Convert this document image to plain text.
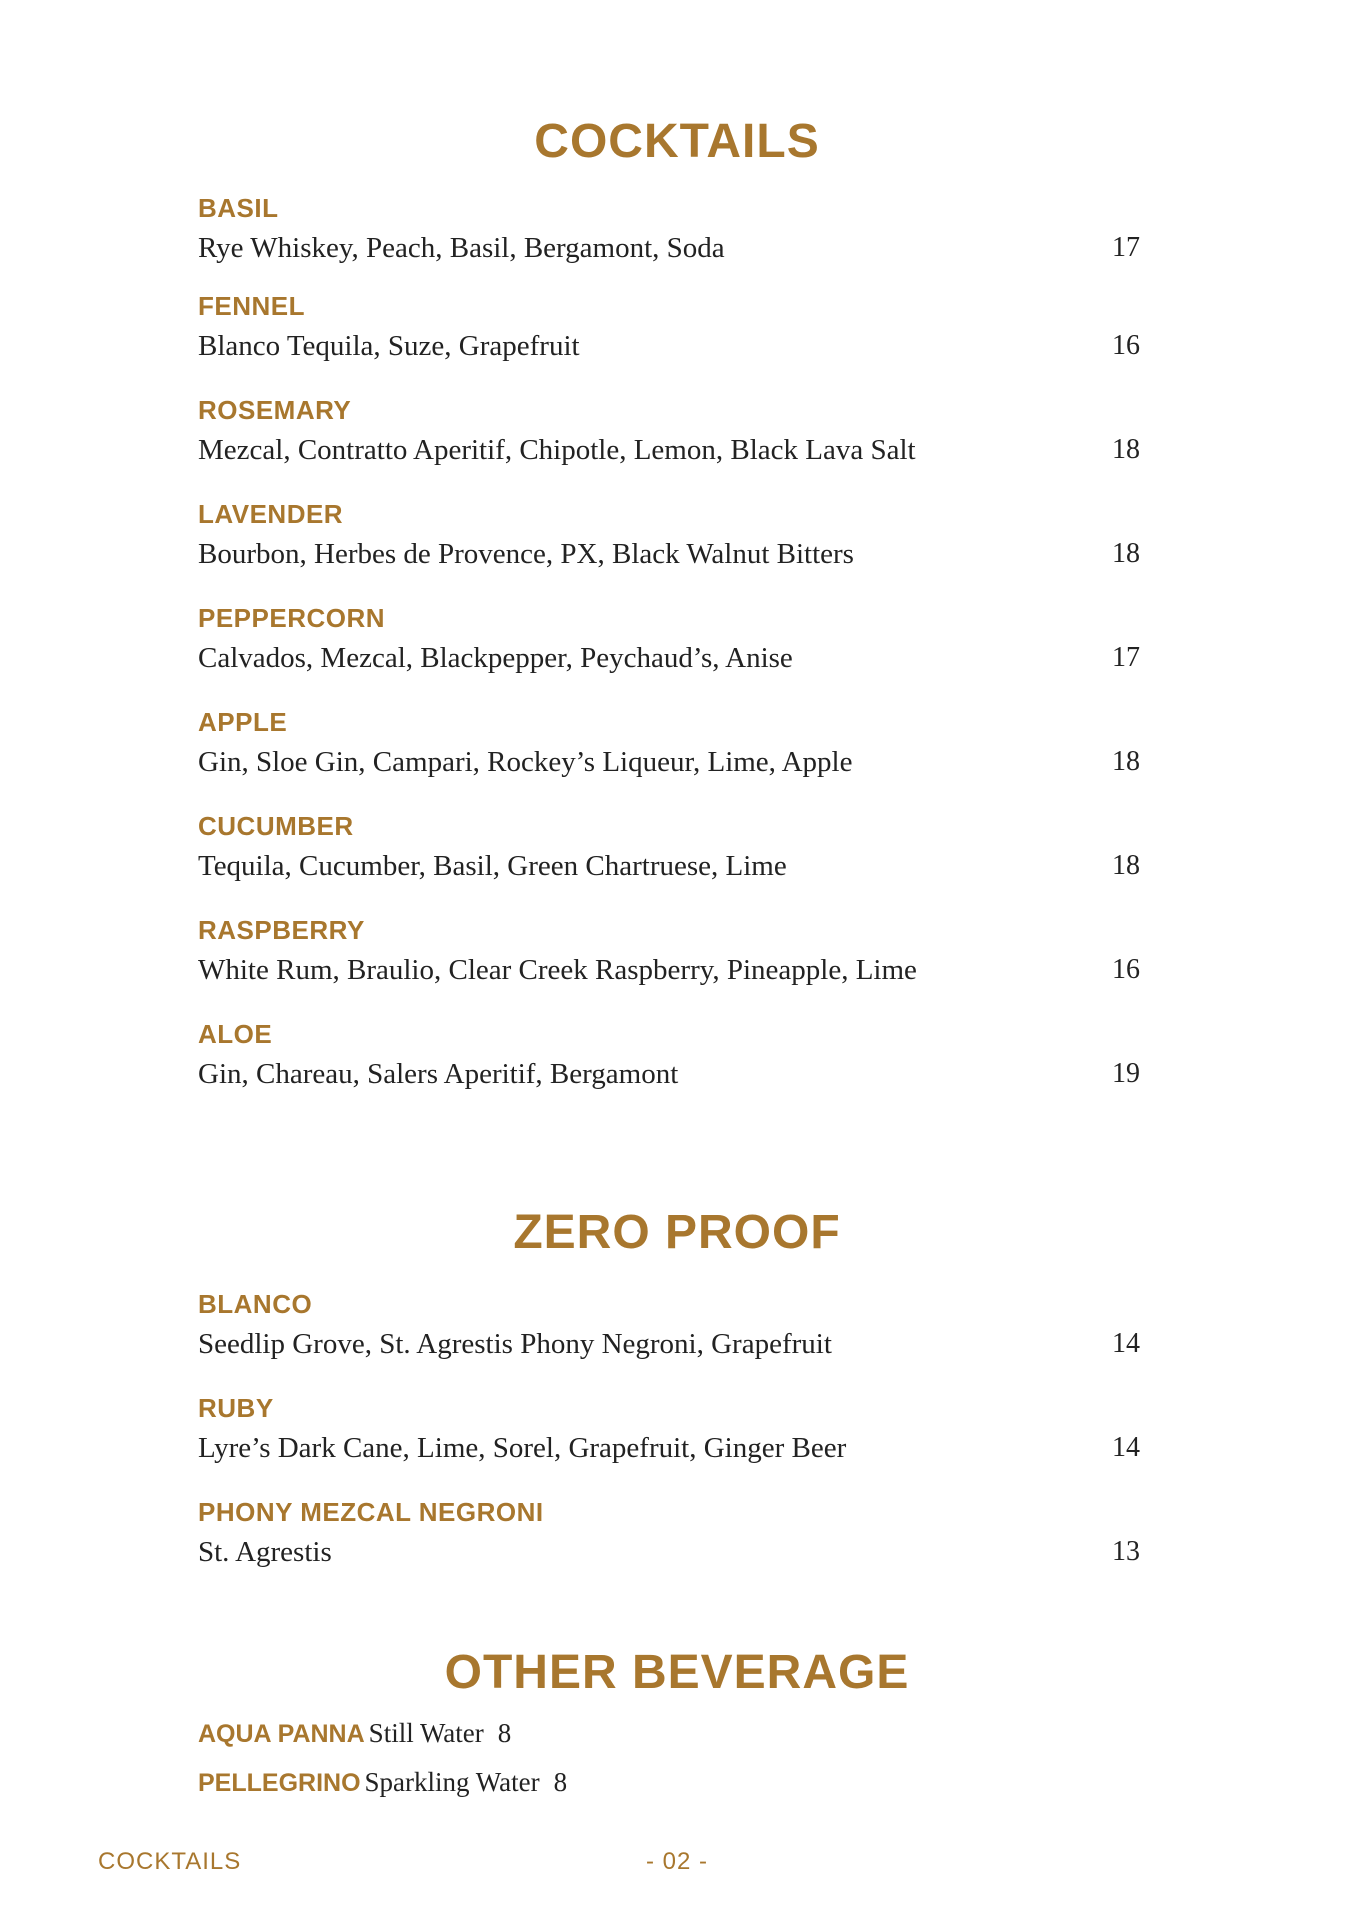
COCKTAILS
BASIL
Rye Whiskey, Peach, Basil, Bergamont, Soda	17
FENNEL
Blanco Tequila, Suze, Grapefruit	16
ROSEMARY
Mezcal, Contratto Aperitif, Chipotle, Lemon, Black Lava Salt	18
LAVENDER
Bourbon, Herbes de Provence, PX, Black Walnut Bitters	18
PEPPERCORN
Calvados, Mezcal, Blackpepper, Peychaud’s, Anise	17
APPLE
Gin, Sloe Gin, Campari, Rockey’s Liqueur, Lime, Apple	18
CUCUMBER
Tequila, Cucumber, Basil, Green Chartruese, Lime	18
RASPBERRY
White Rum, Braulio, Clear Creek Raspberry, Pineapple, Lime	16
ALOE
Gin, Chareau, Salers Aperitif, Bergamont	19
ZERO PROOF
BLANCO
Seedlip Grove, St. Agrestis Phony Negroni, Grapefruit	14
RUBY
Lyre’s Dark Cane, Lime, Sorel, Grapefruit, Ginger Beer	14
PHONY MEZCAL NEGRONI
St. Agrestis	13
OTHER BEVERAGE
AQUA PANNA Still Water 8
PELLEGRINO Sparkling Water 8
COCKTAILS	- 02 -
